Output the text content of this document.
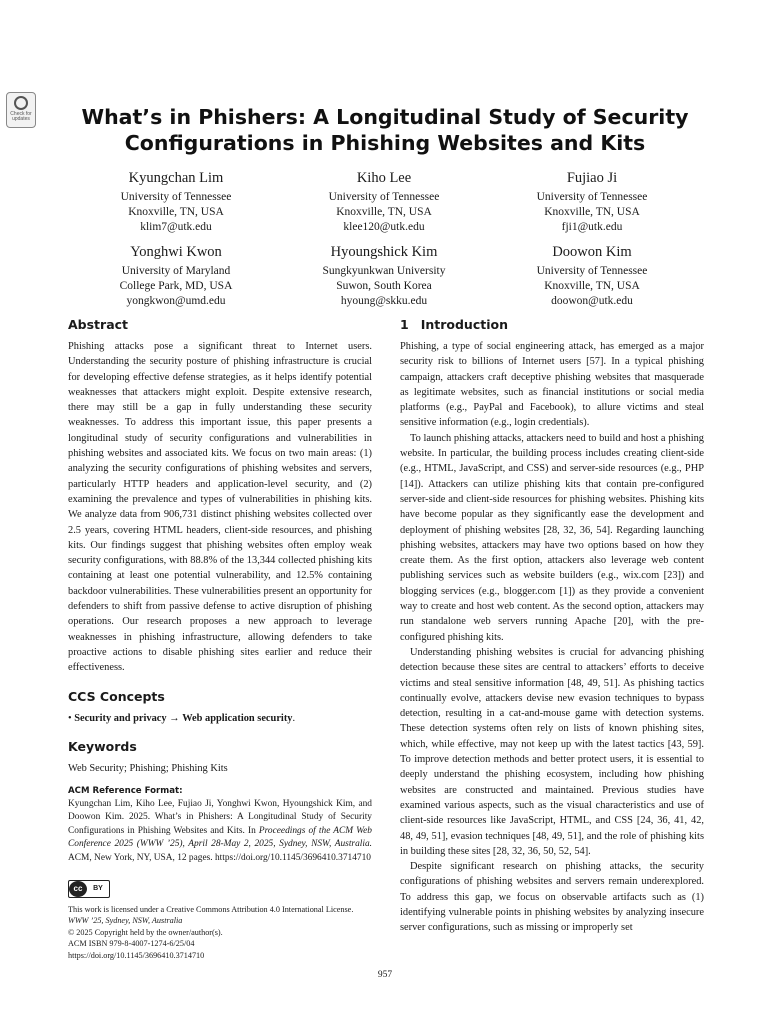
Check for updates	What’s in Phishers: A Longitudinal Study of Security Configurations in Phishing Websites and Kits
Kyungchan Lim
University of Tennessee
Knoxville, TN, USA
klim7@utk.edu
Kiho Lee
University of Tennessee
Knoxville, TN, USA
klee120@utk.edu
Fujiao Ji
University of Tennessee
Knoxville, TN, USA
fji1@utk.edu
Yonghwi Kwon
University of Maryland
College Park, MD, USA
yongkwon@umd.edu
Hyoungshick Kim
Sungkyunkwan University
Suwon, South Korea
hyoung@skku.edu
Doowon Kim
University of Tennessee
Knoxville, TN, USA
doowon@utk.edu
Abstract

Phishing attacks pose a significant threat to Internet users. Understanding the security posture of phishing infrastructure is crucial for developing effective defense strategies, as it helps identify potential weaknesses that attackers might exploit. Despite extensive research, there may still be a gap in fully understanding these security weaknesses. To address this important issue, this paper presents a longitudinal study of security configurations and vulnerabilities in phishing websites and associated kits. We focus on two main areas: (1) analyzing the security configurations of phishing websites and servers, particularly HTTP headers and application-level security, and (2) examining the prevalence and types of vulnerabilities in phishing kits. We analyze data from 906,731 distinct phishing websites collected over 2.5 years, covering HTML headers, client-side resources, and phishing kits. Our findings suggest that phishing websites often employ weak security configurations, with 88.8% of the 13,344 collected phishing kits containing at least one potential vulnerability, and 12.5% containing backdoor vulnerabilities. These vulnerabilities present an opportunity for defenders to shift from passive defense to active disruption of phishing operations. Our research proposes a new approach to leverage weaknesses in phishing infrastructure, allowing defenders to take proactive actions to disable phishing sites earlier and reduce their effectiveness.

CCS Concepts

• Security and privacy → Web application security.

Keywords

Web Security; Phishing; Phishing Kits

ACM Reference Format:

Kyungchan Lim, Kiho Lee, Fujiao Ji, Yonghwi Kwon, Hyoungshick Kim, and Doowon Kim. 2025. What’s in Phishers: A Longitudinal Study of Security Configurations in Phishing Websites and Kits. In Proceedings of the ACM Web Conference 2025 (WWW ’25), April 28-May 2, 2025, Sydney, NSW, Australia. ACM, New York, NY, USA, 12 pages. https://doi.org/10.1145/3696410.3714710

cc	BY

This work is licensed under a Creative Commons Attribution 4.0 International License.

WWW ’25, Sydney, NSW, Australia

© 2025 Copyright held by the owner/author(s).

ACM ISBN 979-8-4007-1274-6/25/04

https://doi.org/10.1145/3696410.3714710

1 Introduction

Phishing, a type of social engineering attack, has emerged as a major security risk to billions of Internet users [57]. In a typical phishing campaign, attackers craft deceptive phishing websites that masquerade as legitimate websites, such as financial institutions or social media platforms (e.g., PayPal and Facebook), to allure victims and steal sensitive information (e.g., login credentials).

To launch phishing attacks, attackers need to build and host a phishing website. In particular, the building process includes creating client-side (e.g., HTML, JavaScript, and CSS) and server-side resources (e.g., PHP [14]). Attackers can utilize phishing kits that contain pre-configured server-side and client-side resources for phishing websites. Phishing kits have become popular as they significantly ease the development and deployment of phishing websites [28, 32, 36, 54]. Regarding launching phishing websites, attackers may have two options based on how they create them. As the first option, attackers also leverage web content publishing services such as website builders (e.g., wix.com [23]) and blogging services (e.g., blogger.com [1]) as they provide a convenient way to create and host web content. As the second option, attackers may run standalone web servers running Apache [20], with the pre-configured phishing kits.

Understanding phishing websites is crucial for advancing phishing detection because these sites are central to attackers’ efforts to deceive victims and steal sensitive information [48, 49, 51]. As phishing tactics continually evolve, attackers devise new evasion techniques to bypass detection, resulting in a cat-and-mouse game with detection systems. These detection systems often rely on lists of known phishing sites, which, while effective, may not keep up with the latest tactics [43, 59]. To improve detection methods and better protect users, it is essential to deeply understand the phishing ecosystem, including how phishing websites are constructed and maintained. Previous studies have examined various aspects, such as the visual characteristics and use of client-side resources like JavaScript, HTML, and CSS [24, 36, 41, 42, 48, 49, 51], evasion techniques [48, 49, 51], and the role of phishing kits in building these sites [28, 32, 36, 50, 52, 54].

Despite significant research on phishing attacks, the security configurations of phishing websites and servers remain underexplored. To address this gap, we focus on observable artifacts such as (1) identifying vulnerable points in phishing websites by analyzing insecure server configurations, such as missing or improperly set

957
